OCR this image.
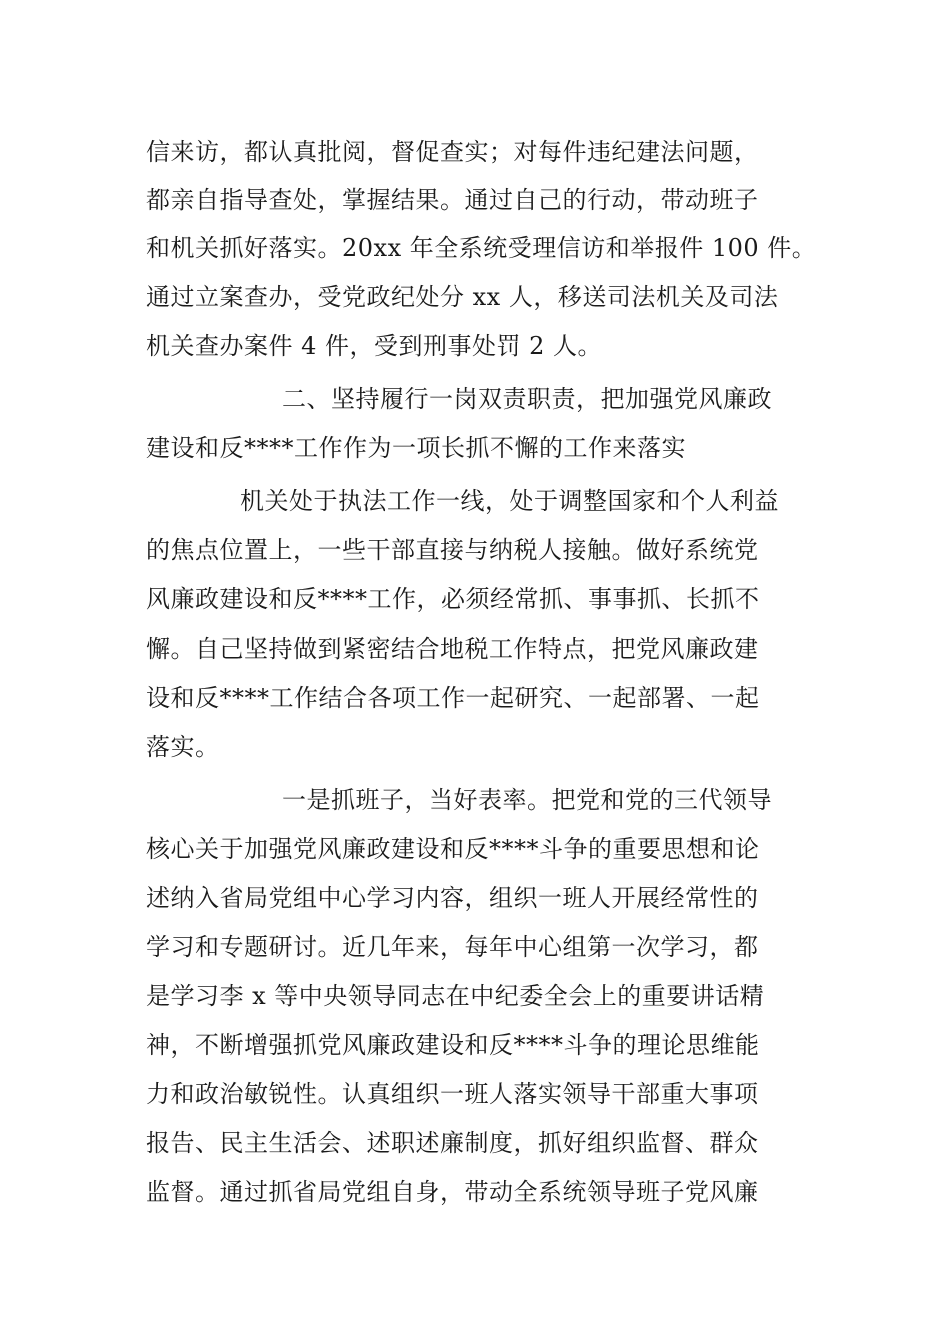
信来访，都认真批阅，督促查实；对每件违纪建法问题，
都亲自指导查处，掌握结果。通过自己的行动，带动班子
和机关抓好落实。20xx 年全系统受理信访和举报件 100 件。
通过立案查办，受党政纪处分 xx 人，移送司法机关及司法
机关查办案件 4 件，受到刑事处罚 2 人。
二、坚持履行一岗双责职责，把加强党风廉政
建设和反****工作作为一项长抓不懈的工作来落实
机关处于执法工作一线，处于调整国家和个人利益
的焦点位置上，一些干部直接与纳税人接触。做好系统党
风廉政建设和反****工作，必须经常抓、事事抓、长抓不
懈。自己坚持做到紧密结合地税工作特点，把党风廉政建
设和反****工作结合各项工作一起研究、一起部署、一起
落实。
一是抓班子，当好表率。把党和党的三代领导
核心关于加强党风廉政建设和反****斗争的重要思想和论
述纳入省局党组中心学习内容，组织一班人开展经常性的
学习和专题研讨。近几年来，每年中心组第一次学习，都
是学习李 x 等中央领导同志在中纪委全会上的重要讲话精
神，不断增强抓党风廉政建设和反****斗争的理论思维能
力和政治敏锐性。认真组织一班人落实领导干部重大事项
报告、民主生活会、述职述廉制度，抓好组织监督、群众
监督。通过抓省局党组自身，带动全系统领导班子党风廉
